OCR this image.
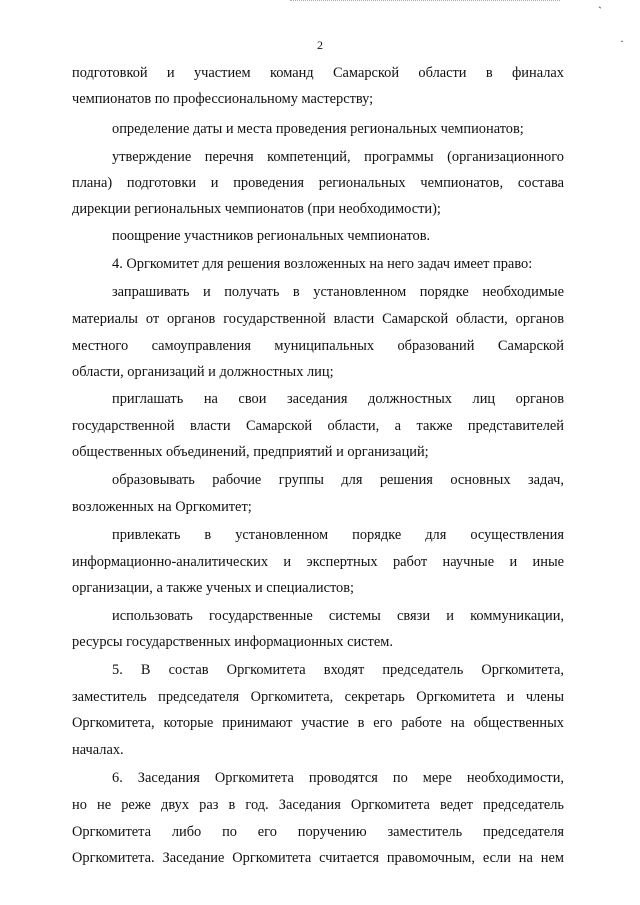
ˋ
·
2
подготовкой и участием команд Самарской области в финалах
чемпионатов по профессиональному мастерству;
определение даты и места проведения региональных чемпионатов;
утверждение перечня компетенций, программы (организационного
плана) подготовки и проведения региональных чемпионатов, состава
дирекции региональных чемпионатов (при необходимости);
поощрение участников региональных чемпионатов.
4. Оргкомитет для решения возложенных на него задач имеет право:
запрашивать и получать в установленном порядке необходимые
материалы от органов государственной власти Самарской области, органов
местного самоуправления муниципальных образований Самарской
области, организаций и должностных лиц;
приглашать на свои заседания должностных лиц органов
государственной власти Самарской области, а также представителей
общественных объединений, предприятий и организаций;
образовывать рабочие группы для решения основных задач,
возложенных на Оргкомитет;
привлекать в установленном порядке для осуществления
информационно-аналитических и экспертных работ научные и иные
организации, а также ученых и специалистов;
использовать государственные системы связи и коммуникации,
ресурсы государственных информационных систем.
5. В состав Оргкомитета входят председатель Оргкомитета,
заместитель председателя Оргкомитета, секретарь Оргкомитета и члены
Оргкомитета, которые принимают участие в его работе на общественных
началах.
6. Заседания Оргкомитета проводятся по мере необходимости,
но не реже двух раз в год. Заседания Оргкомитета ведет председатель
Оргкомитета либо по его поручению заместитель председателя
Оргкомитета. Заседание Оргкомитета считается правомочным, если на нем
